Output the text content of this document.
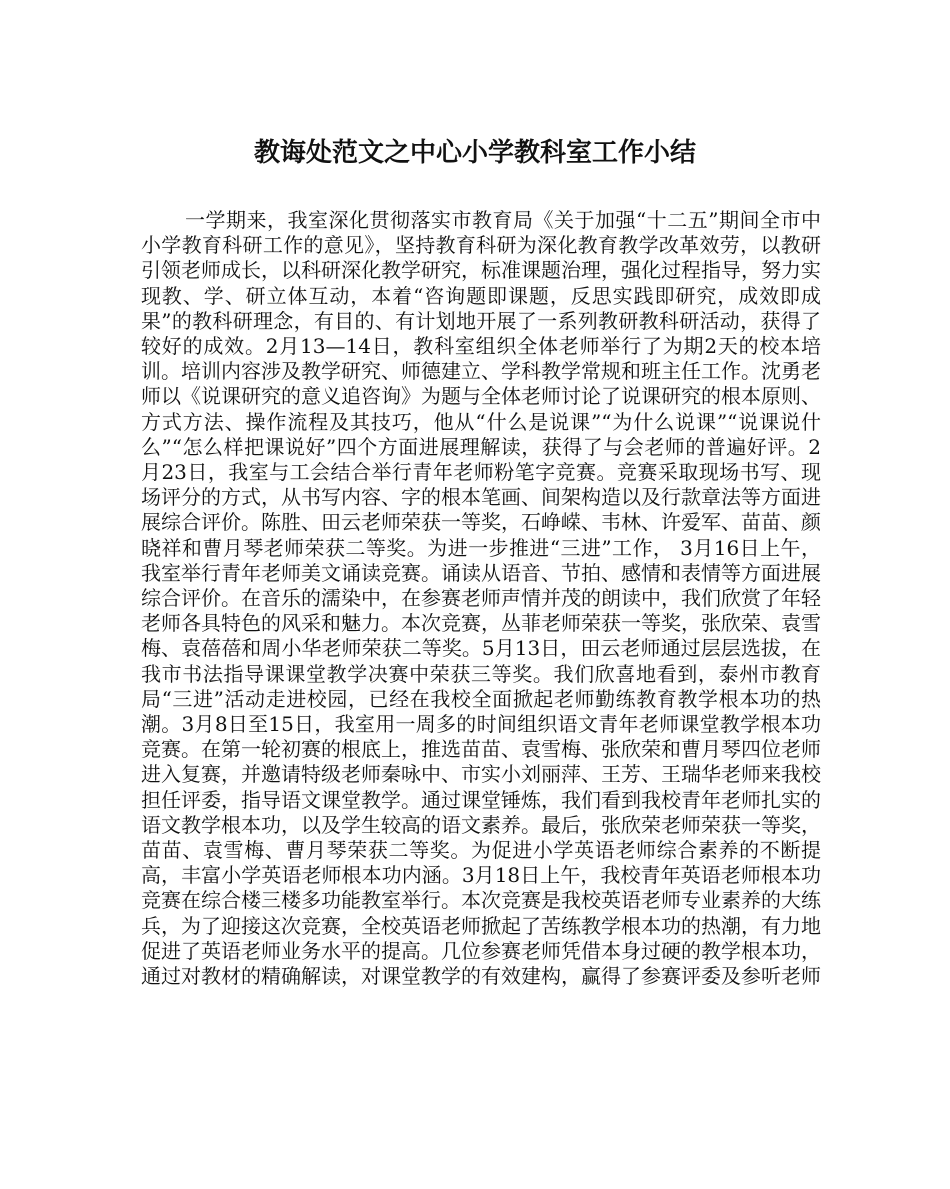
教诲处范文之中心小学教科室工作小结

一学期来，我室深化贯彻落实市教育局《关于加强“十二五”期间全市中小学教育科研工作的意见》，坚持教育科研为深化教育教学改革效劳，以教研引领老师成长，以科研深化教学研究，标准课题治理，强化过程指导，努力实现教、学、研立体互动，本着“咨询题即课题，反思实践即研究，成效即成果”的教科研理念，有目的、有计划地开展了一系列教研教科研活动，获得了较好的成效。2月13—14日，教科室组织全体老师举行了为期2天的校本培训。培训内容涉及教学研究、师德建立、学科教学常规和班主任工作。沈勇老师以《说课研究的意义追咨询》为题与全体老师讨论了说课研究的根本原则、方式方法、操作流程及其技巧，他从“什么是说课”“为什么说课”“说课说什么”“怎么样把课说好”四个方面进展理解读，获得了与会老师的普遍好评。2月23日，我室与工会结合举行青年老师粉笔字竞赛。竞赛采取现场书写、现场评分的方式，从书写内容、字的根本笔画、间架构造以及行款章法等方面进展综合评价。陈胜、田云老师荣获一等奖，石峥嵘、韦林、许爱军、苗苗、颜晓祥和曹月琴老师荣获二等奖。为进一步推进“三进”工作， 3月16日上午，我室举行青年老师美文诵读竞赛。诵读从语音、节拍、感情和表情等方面进展综合评价。在音乐的濡染中，在参赛老师声情并茂的朗读中，我们欣赏了年轻老师各具特色的风采和魅力。本次竞赛，丛菲老师荣获一等奖，张欣荣、袁雪梅、袁蓓蓓和周小华老师荣获二等奖。5月13日，田云老师通过层层选拔，在我市书法指导课课堂教学决赛中荣获三等奖。我们欣喜地看到，泰州市教育局“三进”活动走进校园，已经在我校全面掀起老师勤练教育教学根本功的热潮。3月8日至15日，我室用一周多的时间组织语文青年老师课堂教学根本功竞赛。在第一轮初赛的根底上，推选苗苗、袁雪梅、张欣荣和曹月琴四位老师进入复赛，并邀请特级老师秦咏中、市实小刘丽萍、王芳、王瑞华老师来我校担任评委，指导语文课堂教学。通过课堂锤炼，我们看到我校青年老师扎实的语文教学根本功，以及学生较高的语文素养。最后，张欣荣老师荣获一等奖，苗苗、袁雪梅、曹月琴荣获二等奖。为促进小学英语老师综合素养的不断提高，丰富小学英语老师根本功内涵。3月18日上午，我校青年英语老师根本功竞赛在综合楼三楼多功能教室举行。本次竞赛是我校英语老师专业素养的大练兵，为了迎接这次竞赛，全校英语老师掀起了苦练教学根本功的热潮，有力地促进了英语老师业务水平的提高。几位参赛老师凭借本身过硬的教学根本功，通过对教材的精确解读，对课堂教学的有效建构，赢得了参赛评委及参听老师
